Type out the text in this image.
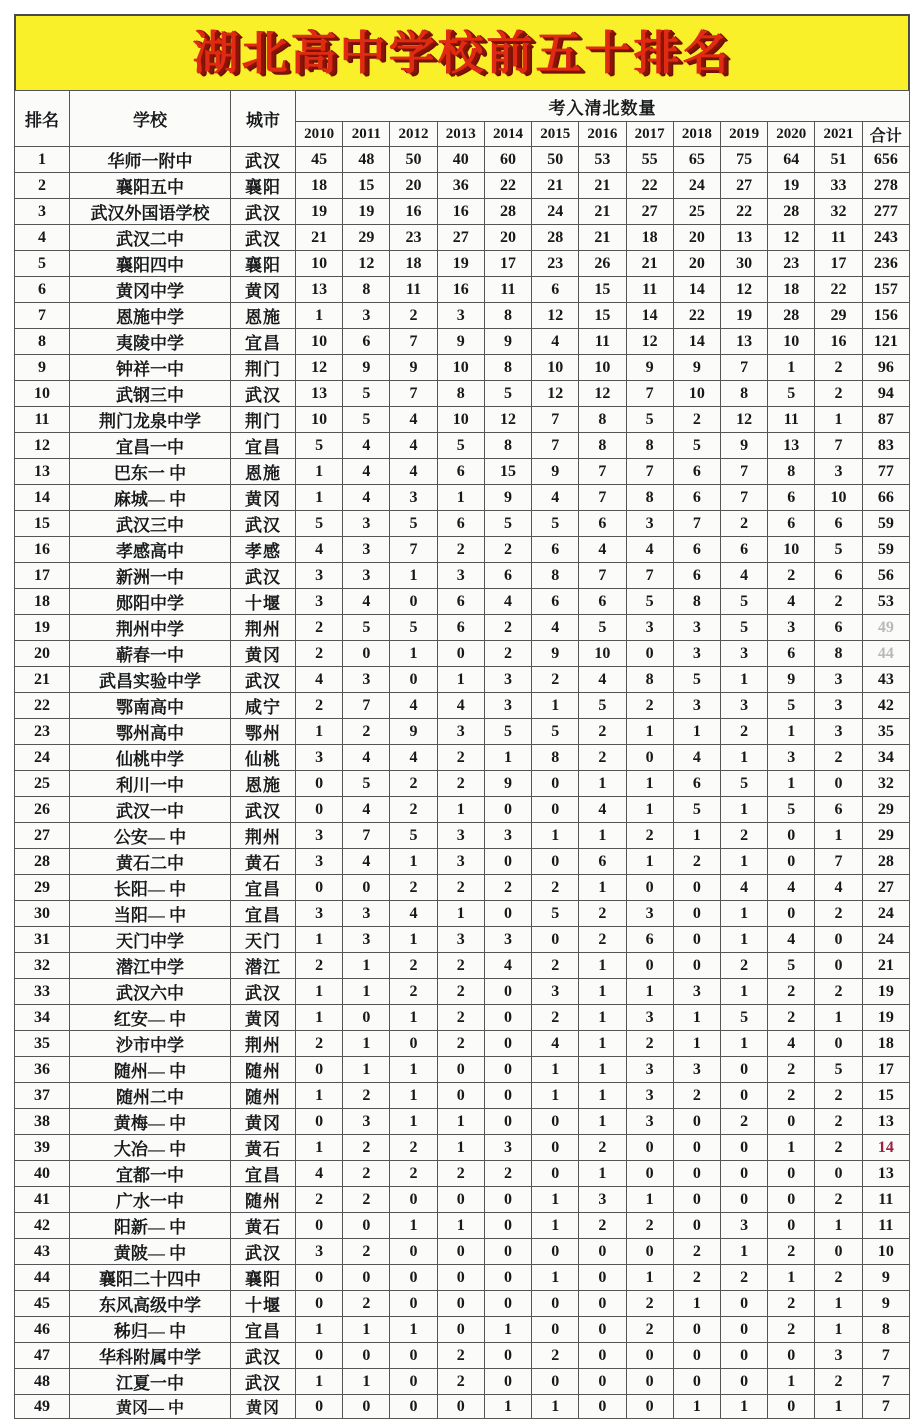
湖北高中学校前五十排名
排名	学校	城市	考入清北数量												
			2010	2011	2012	2013	2014	2015	2016	2017	2018	2019	2020	2021	合计
1	华师一附中	武汉	45	48	50	40	60	50	53	55	65	75	64	51	656
2	襄阳五中	襄阳	18	15	20	36	22	21	21	22	24	27	19	33	278
3	武汉外国语学校	武汉	19	19	16	16	28	24	21	27	25	22	28	32	277
4	武汉二中	武汉	21	29	23	27	20	28	21	18	20	13	12	11	243
5	襄阳四中	襄阳	10	12	18	19	17	23	26	21	20	30	23	17	236
6	黄冈中学	黄冈	13	8	11	16	11	6	15	11	14	12	18	22	157
7	恩施中学	恩施	1	3	2	3	8	12	15	14	22	19	28	29	156
8	夷陵中学	宜昌	10	6	7	9	9	4	11	12	14	13	10	16	121
9	钟祥一中	荆门	12	9	9	10	8	10	10	9	9	7	1	2	96
10	武钢三中	武汉	13	5	7	8	5	12	12	7	10	8	5	2	94
11	荆门龙泉中学	荆门	10	5	4	10	12	7	8	5	2	12	11	1	87
12	宜昌一中	宜昌	5	4	4	5	8	7	8	8	5	9	13	7	83
13	巴东一 中	恩施	1	4	4	6	15	9	7	7	6	7	8	3	77
14	麻城— 中	黄冈	1	4	3	1	9	4	7	8	6	7	6	10	66
15	武汉三中	武汉	5	3	5	6	5	5	6	3	7	2	6	6	59
16	孝感高中	孝感	4	3	7	2	2	6	4	4	6	6	10	5	59
17	新洲一中	武汉	3	3	1	3	6	8	7	7	6	4	2	6	56
18	郧阳中学	十堰	3	4	0	6	4	6	6	5	8	5	4	2	53
19	荆州中学	荆州	2	5	5	6	2	4	5	3	3	5	3	6	49
20	蕲春一中	黄冈	2	0	1	0	2	9	10	0	3	3	6	8	44
21	武昌实验中学	武汉	4	3	0	1	3	2	4	8	5	1	9	3	43
22	鄂南高中	咸宁	2	7	4	4	3	1	5	2	3	3	5	3	42
23	鄂州高中	鄂州	1	2	9	3	5	5	2	1	1	2	1	3	35
24	仙桃中学	仙桃	3	4	4	2	1	8	2	0	4	1	3	2	34
25	利川一中	恩施	0	5	2	2	9	0	1	1	6	5	1	0	32
26	武汉一中	武汉	0	4	2	1	0	0	4	1	5	1	5	6	29
27	公安— 中	荆州	3	7	5	3	3	1	1	2	1	2	0	1	29
28	黄石二中	黄石	3	4	1	3	0	0	6	1	2	1	0	7	28
29	长阳— 中	宜昌	0	0	2	2	2	2	1	0	0	4	4	4	27
30	当阳— 中	宜昌	3	3	4	1	0	5	2	3	0	1	0	2	24
31	天门中学	天门	1	3	1	3	3	0	2	6	0	1	4	0	24
32	潜江中学	潜江	2	1	2	2	4	2	1	0	0	2	5	0	21
33	武汉六中	武汉	1	1	2	2	0	3	1	1	3	1	2	2	19
34	红安— 中	黄冈	1	0	1	2	0	2	1	3	1	5	2	1	19
35	沙市中学	荆州	2	1	0	2	0	4	1	2	1	1	4	0	18
36	随州— 中	随州	0	1	1	0	0	1	1	3	3	0	2	5	17
37	随州二中	随州	1	2	1	0	0	1	1	3	2	0	2	2	15
38	黄梅— 中	黄冈	0	3	1	1	0	0	1	3	0	2	0	2	13
39	大冶— 中	黄石	1	2	2	1	3	0	2	0	0	0	1	2	14
40	宜都一中	宜昌	4	2	2	2	2	0	1	0	0	0	0	0	13
41	广水一中	随州	2	2	0	0	0	1	3	1	0	0	0	2	11
42	阳新— 中	黄石	0	0	1	1	0	1	2	2	0	3	0	1	11
43	黄陂— 中	武汉	3	2	0	0	0	0	0	0	2	1	2	0	10
44	襄阳二十四中	襄阳	0	0	0	0	0	1	0	1	2	2	1	2	9
45	东风高级中学	十堰	0	2	0	0	0	0	0	2	1	0	2	1	9
46	秭归— 中	宜昌	1	1	1	0	1	0	0	2	0	0	2	1	8
47	华科附属中学	武汉	0	0	0	2	0	2	0	0	0	0	0	3	7
48	江夏一中	武汉	1	1	0	2	0	0	0	0	0	0	1	2	7
49	黄冈— 中	黄冈	0	0	0	0	1	1	0	0	1	1	0	1	7
